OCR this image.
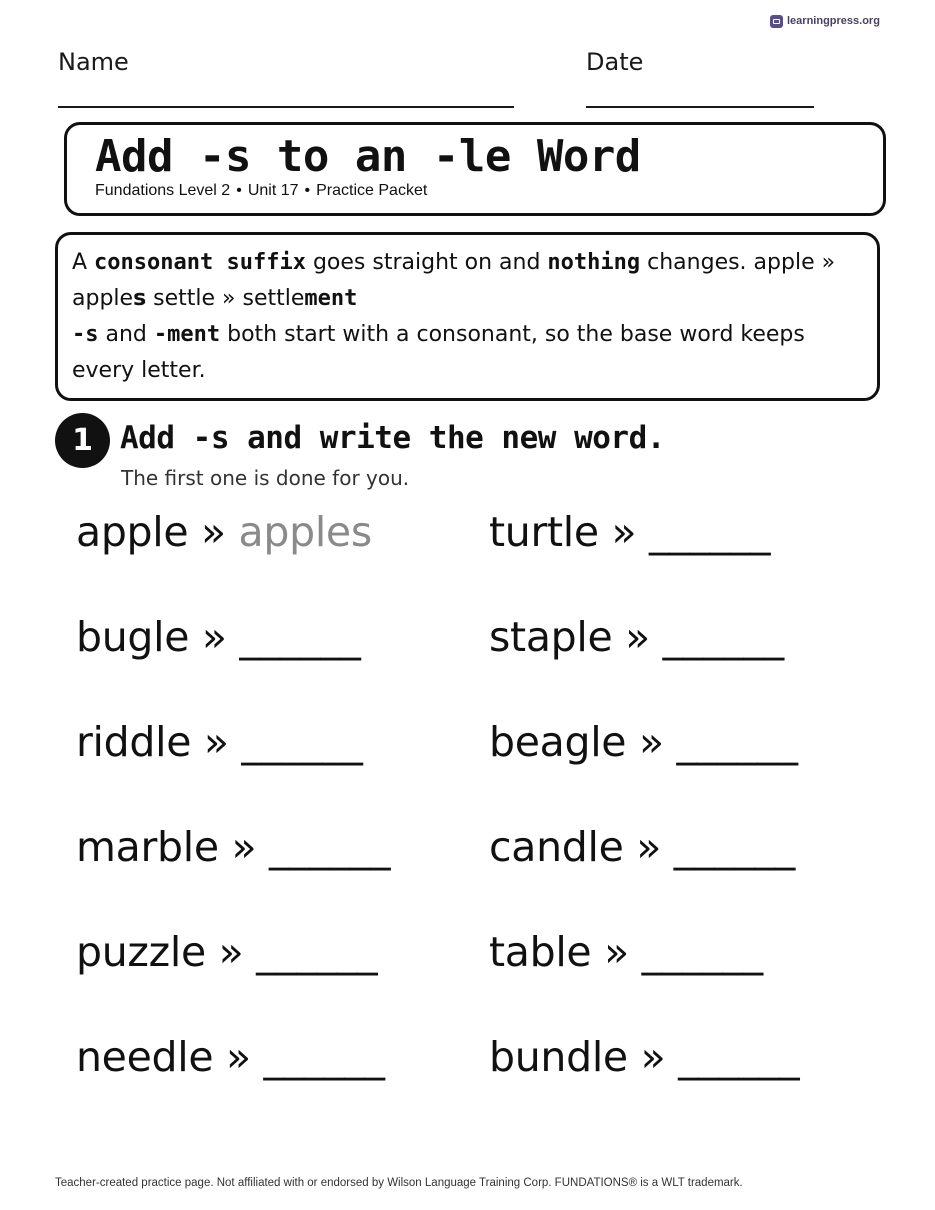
learningpress.org
Name	Date
Add -s to an -le Word
Fundations Level 2 • Unit 17 • Practice Packet

A consonant suffix goes straight on and nothing changes. apple » apples settle » settlement

-s and -ment both start with a consonant, so the base word keeps every letter.

1 Add -s and write the new word.
The first one is done for you.
apple » apples	turtle » ______
bugle » ______	staple » ______
riddle » ______	beagle » ______
marble » ______ candle » ______
puzzle » ______	table » ______
needle » ______	bundle » ______
Teacher-created practice page. Not affiliated with or endorsed by Wilson Language Training Corp. FUNDATIONS® is a WLT trademark.
